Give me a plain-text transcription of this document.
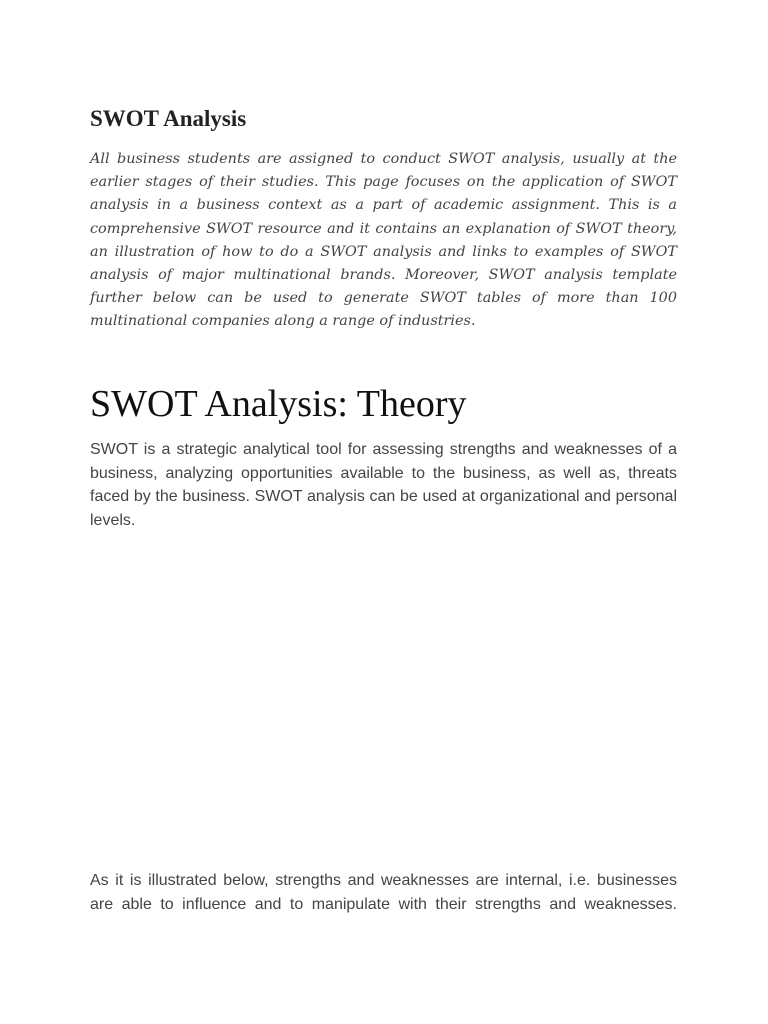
SWOT Analysis

All business students are assigned to conduct SWOT analysis, usually at the earlier stages of their studies. This page focuses on the application of SWOT analysis in a business context as a part of academic assignment. This is a comprehensive SWOT resource and it contains an explanation of SWOT theory, an illustration of how to do a SWOT analysis and links to examples of SWOT analysis of major multinational brands. Moreover, SWOT analysis template further below can be used to generate SWOT tables of more than 100 multinational companies along a range of industries.

SWOT Analysis: Theory

SWOT is a strategic analytical tool for assessing strengths and weaknesses of a business, analyzing opportunities available to the business, as well as, threats faced by the business. SWOT analysis can be used at organizational and personal levels.

As it is illustrated below, strengths and weaknesses are internal, i.e. businesses are able to influence and to manipulate with their strengths and weaknesses.
